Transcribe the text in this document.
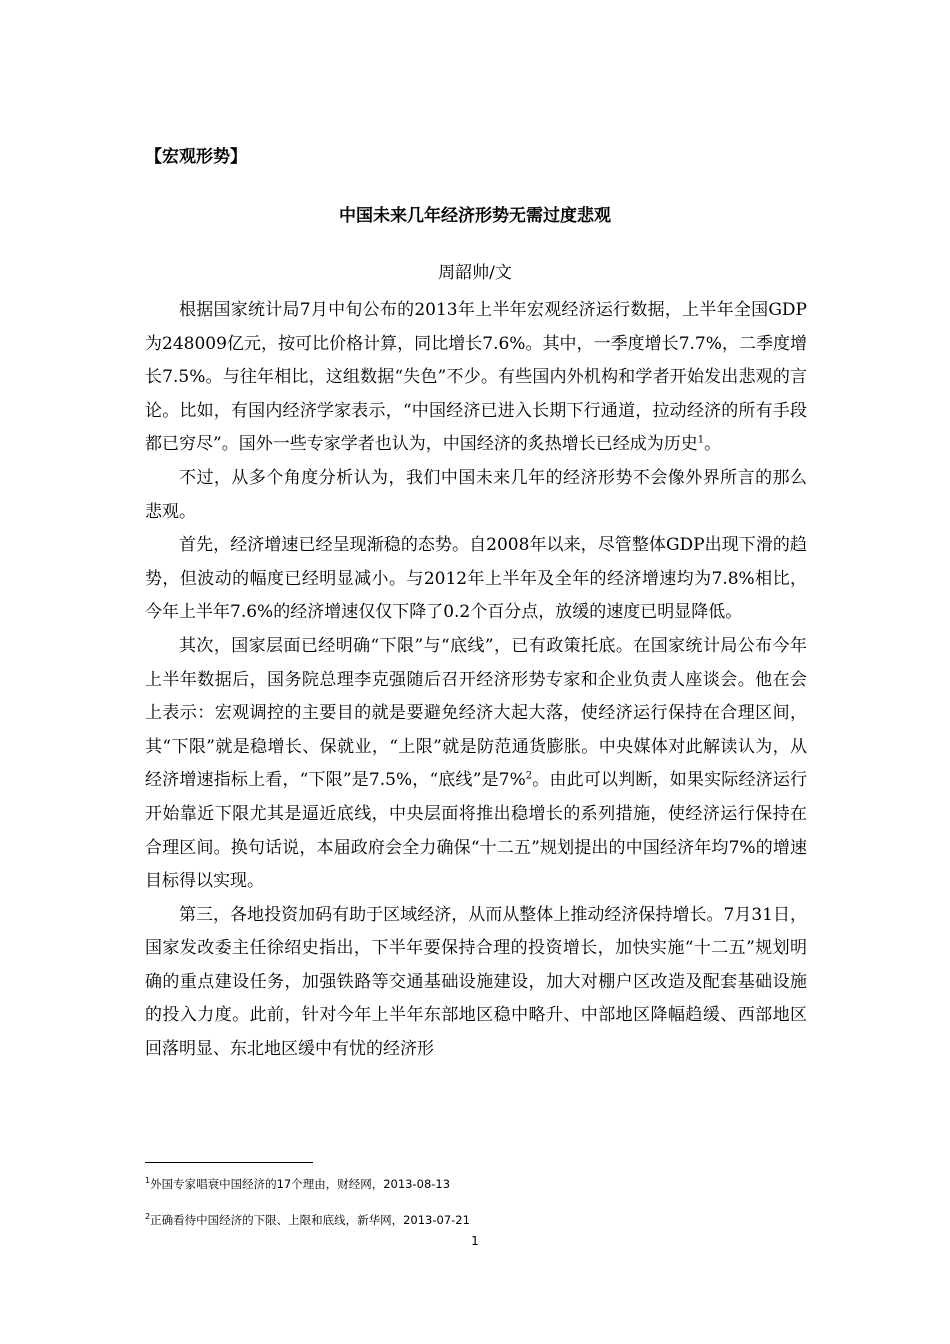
【宏观形势】
中国未来几年经济形势无需过度悲观
周韶帅/文

根据国家统计局7月中旬公布的2013年上半年宏观经济运行数据，上半年全国GDP为248009亿元，按可比价格计算，同比增长7.6%。其中，一季度增长7.7%，二季度增长7.5%。与往年相比，这组数据“失色”不少。有些国内外机构和学者开始发出悲观的言论。比如，有国内经济学家表示，“中国经济已进入长期下行通道，拉动经济的所有手段都已穷尽”。国外一些专家学者也认为，中国经济的炙热增长已经成为历史$^1$。

不过，从多个角度分析认为，我们中国未来几年的经济形势不会像外界所言的那么悲观。

首先，经济增速已经呈现渐稳的态势。自2008年以来，尽管整体GDP出现下滑的趋势，但波动的幅度已经明显减小。与2012年上半年及全年的经济增速均为7.8%相比，今年上半年7.6%的经济增速仅仅下降了0.2个百分点，放缓的速度已明显降低。

其次，国家层面已经明确“下限”与“底线”，已有政策托底。在国家统计局公布今年上半年数据后，国务院总理李克强随后召开经济形势专家和企业负责人座谈会。他在会上表示：宏观调控的主要目的就是要避免经济大起大落，使经济运行保持在合理区间，其“下限”就是稳增长、保就业，“上限”就是防范通货膨胀。中央媒体对此解读认为，从经济增速指标上看，“下限”是7.5%，“底线”是7%$^2$。由此可以判断，如果实际经济运行开始靠近下限尤其是逼近底线，中央层面将推出稳增长的系列措施，使经济运行保持在合理区间。换句话说，本届政府会全力确保“十二五”规划提出的中国经济年均7%的增速目标得以实现。

第三，各地投资加码有助于区域经济，从而从整体上推动经济保持增长。7月31日，国家发改委主任徐绍史指出，下半年要保持合理的投资增长，加快实施“十二五”规划明确的重点建设任务，加强铁路等交通基础设施建设，加大对棚户区改造及配套基础设施的投入力度。此前，针对今年上半年东部地区稳中略升、中部地区降幅趋缓、西部地区回落明显、东北地区缓中有忧的经济形

$^1$外国专家唱衰中国经济的17个理由，财经网，2013-08-13
$^2$正确看待中国经济的下限、上限和底线，新华网，2013-07-21
1
